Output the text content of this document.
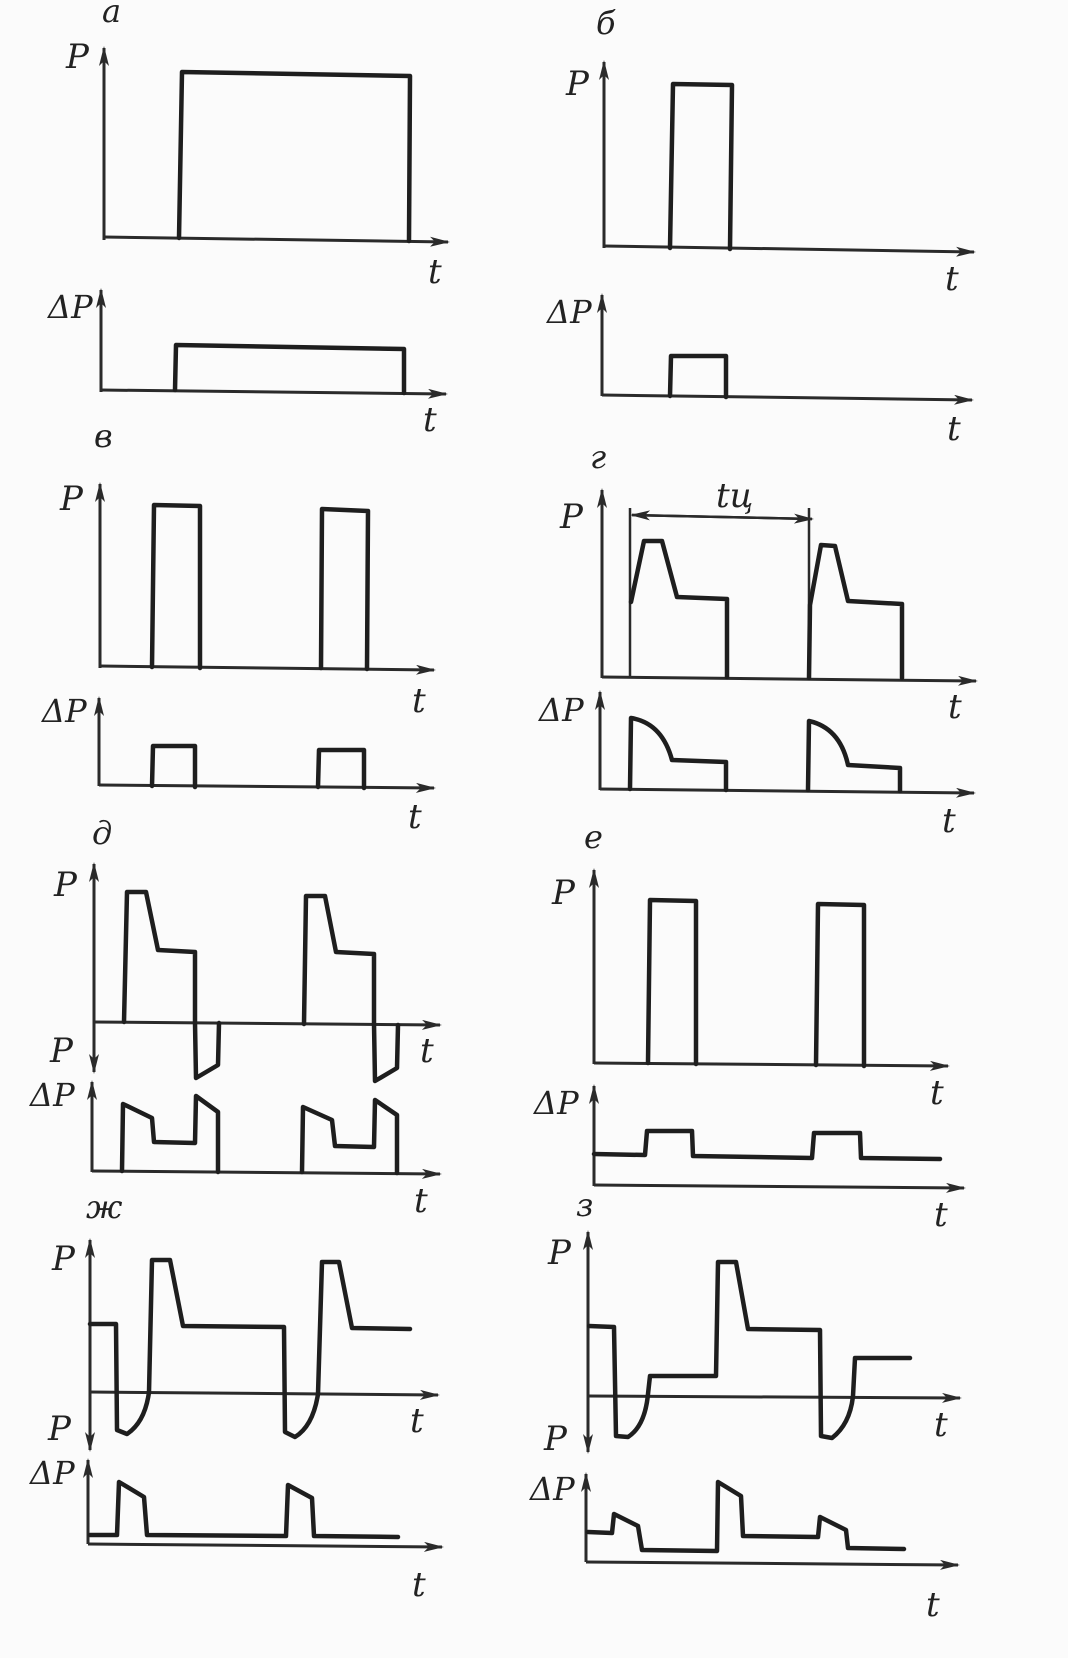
а
P
t
ΔP
t
б
P
t
ΔP
t
в
P
t
ΔP
t
г
P
t
tц
ΔP
t
д
P
P	t
ΔP
t
е
P
t
ΔP
t
ж
P
P	t
ΔP
t
з
P
P	t
ΔP
t
